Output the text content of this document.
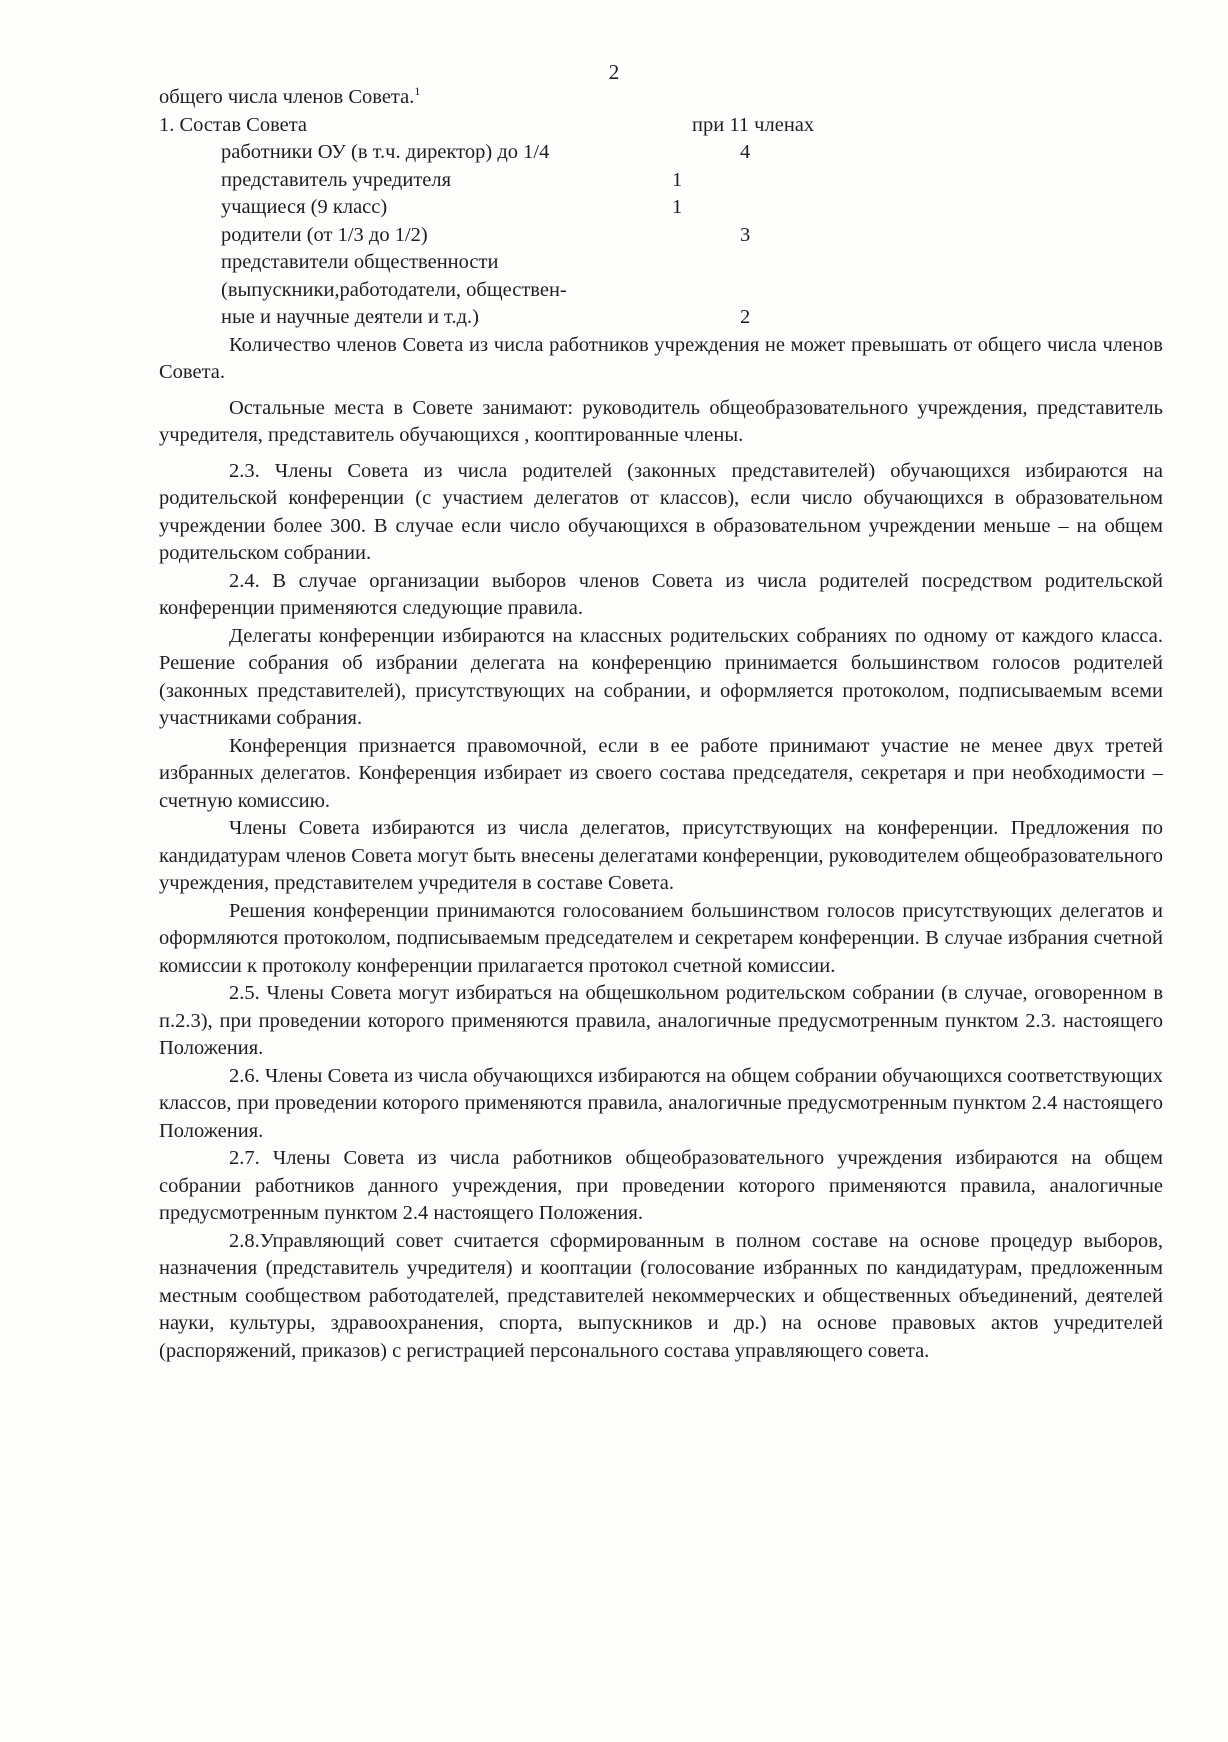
2
общего числа членов Совета.$^1$
1. Состав Совета	при 11 членах
работники ОУ (в т.ч. директор) до 1/4	4
представитель учредителя	1
учащиеся (9 класс)	1
родители (от 1/3 до 1/2)	3
представители общественности
(выпускники,работодатели, обществен-
ные и научные деятели и т.д.)	2

Количество членов Совета из числа работников учреждения не может превышать от общего числа членов Совета.

Остальные места в Совете занимают: руководитель общеобразовательного учреждения, представитель учредителя, представитель обучающихся , кооптированные члены.

2.3. Члены Совета из числа родителей (законных представителей) обучающихся избираются на родительской конференции (с участием делегатов от классов), если число обучающихся в образовательном учреждении более 300. В случае если число обучающихся в образовательном учреждении меньше – на общем родительском собрании.

2.4. В случае организации выборов членов Совета из числа родителей посредством родительской конференции применяются следующие правила.

Делегаты конференции избираются на классных родительских собраниях по одному от каждого класса. Решение собрания об избрании делегата на конференцию принимается большинством голосов родителей (законных представителей), присутствующих на собрании, и оформляется протоколом, подписываемым всеми участниками собрания.

Конференция признается правомочной, если в ее работе принимают участие не менее двух третей избранных делегатов. Конференция избирает из своего состава председателя, секретаря и при необходимости – счетную комиссию.

Члены Совета избираются из числа делегатов, присутствующих на конференции. Предложения по кандидатурам членов Совета могут быть внесены делегатами конференции, руководителем общеобразовательного учреждения, представителем учредителя в составе Совета.

Решения конференции принимаются голосованием большинством голосов присутствующих делегатов и оформляются протоколом, подписываемым председателем и секретарем конференции. В случае избрания счетной комиссии к протоколу конференции прилагается протокол счетной комиссии.

2.5. Члены Совета могут избираться на общешкольном родительском собрании (в случае, оговоренном в п.2.3), при проведении которого применяются правила, аналогичные предусмотренным пунктом 2.3. настоящего Положения.

2.6. Члены Совета из числа обучающихся избираются на общем собрании обучающихся соответствующих классов, при проведении которого применяются правила, аналогичные предусмотренным пунктом 2.4 настоящего Положения.

2.7. Члены Совета из числа работников общеобразовательного учреждения избираются на общем собрании работников данного учреждения, при проведении которого применяются правила, аналогичные предусмотренным пунктом 2.4 настоящего Положения.

2.8.Управляющий совет считается сформированным в полном составе на основе процедур выборов, назначения (представитель учредителя) и кооптации (голосование избранных по кандидатурам, предложенным местным сообществом работодателей, представителей некоммерческих и общественных объединений, деятелей науки, культуры, здравоохранения, спорта, выпускников и др.) на основе правовых актов учредителей (распоряжений, приказов) с регистрацией персонального состава управляющего совета.
